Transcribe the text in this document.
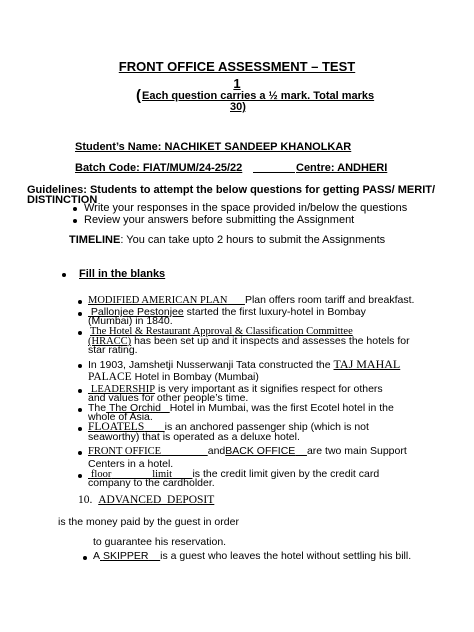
FRONT OFFICE ASSESSMENT – TEST
1
( Each question carries a ½ mark. Total marks
30)
Student’s Name: NACHIKET SANDEEP KHANOLKAR
Batch Code: FIAT/MUM/24-25/22	Centre: ANDHERI
Guidelines: Students to attempt the below questions for getting PASS/ MERIT/
DISTINCTION
Write your responses in the space provided in/below the questions
Review your answers before submitting the Assignment
TIMELINE: You can take upto 2 hours to submit the Assignments
Fill in the blanks
MODIFIED AMERICAN PLAN Plan offers room tariff and breakfast.
Pallonjee Pestonjee started the first luxury-hotel in Bombay
(Mumbai) in 1840.
The Hotel & Restaurant Approval & Classification Committee
(HRACC) has been set up and it inspects and assesses the hotels for
star rating.
In 1903, Jamshetji Nusserwanji Tata constructed the TAJ MAHAL
PALACE Hotel in Bombay (Mumbai)
LEADERSHIP is very important as it signifies respect for others
and values for other people’s time.
The The Orchid Hotel in Mumbai, was the first Ecotel hotel in the
whole of Asia.
FLOATELS is an anchored passenger ship (which is not
seaworthy) that is operated as a deluxe hotel.
FRONT OFFICE	andBACK OFFICE are two main Support
Centers in a hotel.
floor	limit is the credit limit given by the credit card
company to the cardholder.
10. ADVANCED_DEPOSIT
is the money paid by the guest in order
to guarantee his reservation.
A SKIPPER is a guest who leaves the hotel without settling his bill.
